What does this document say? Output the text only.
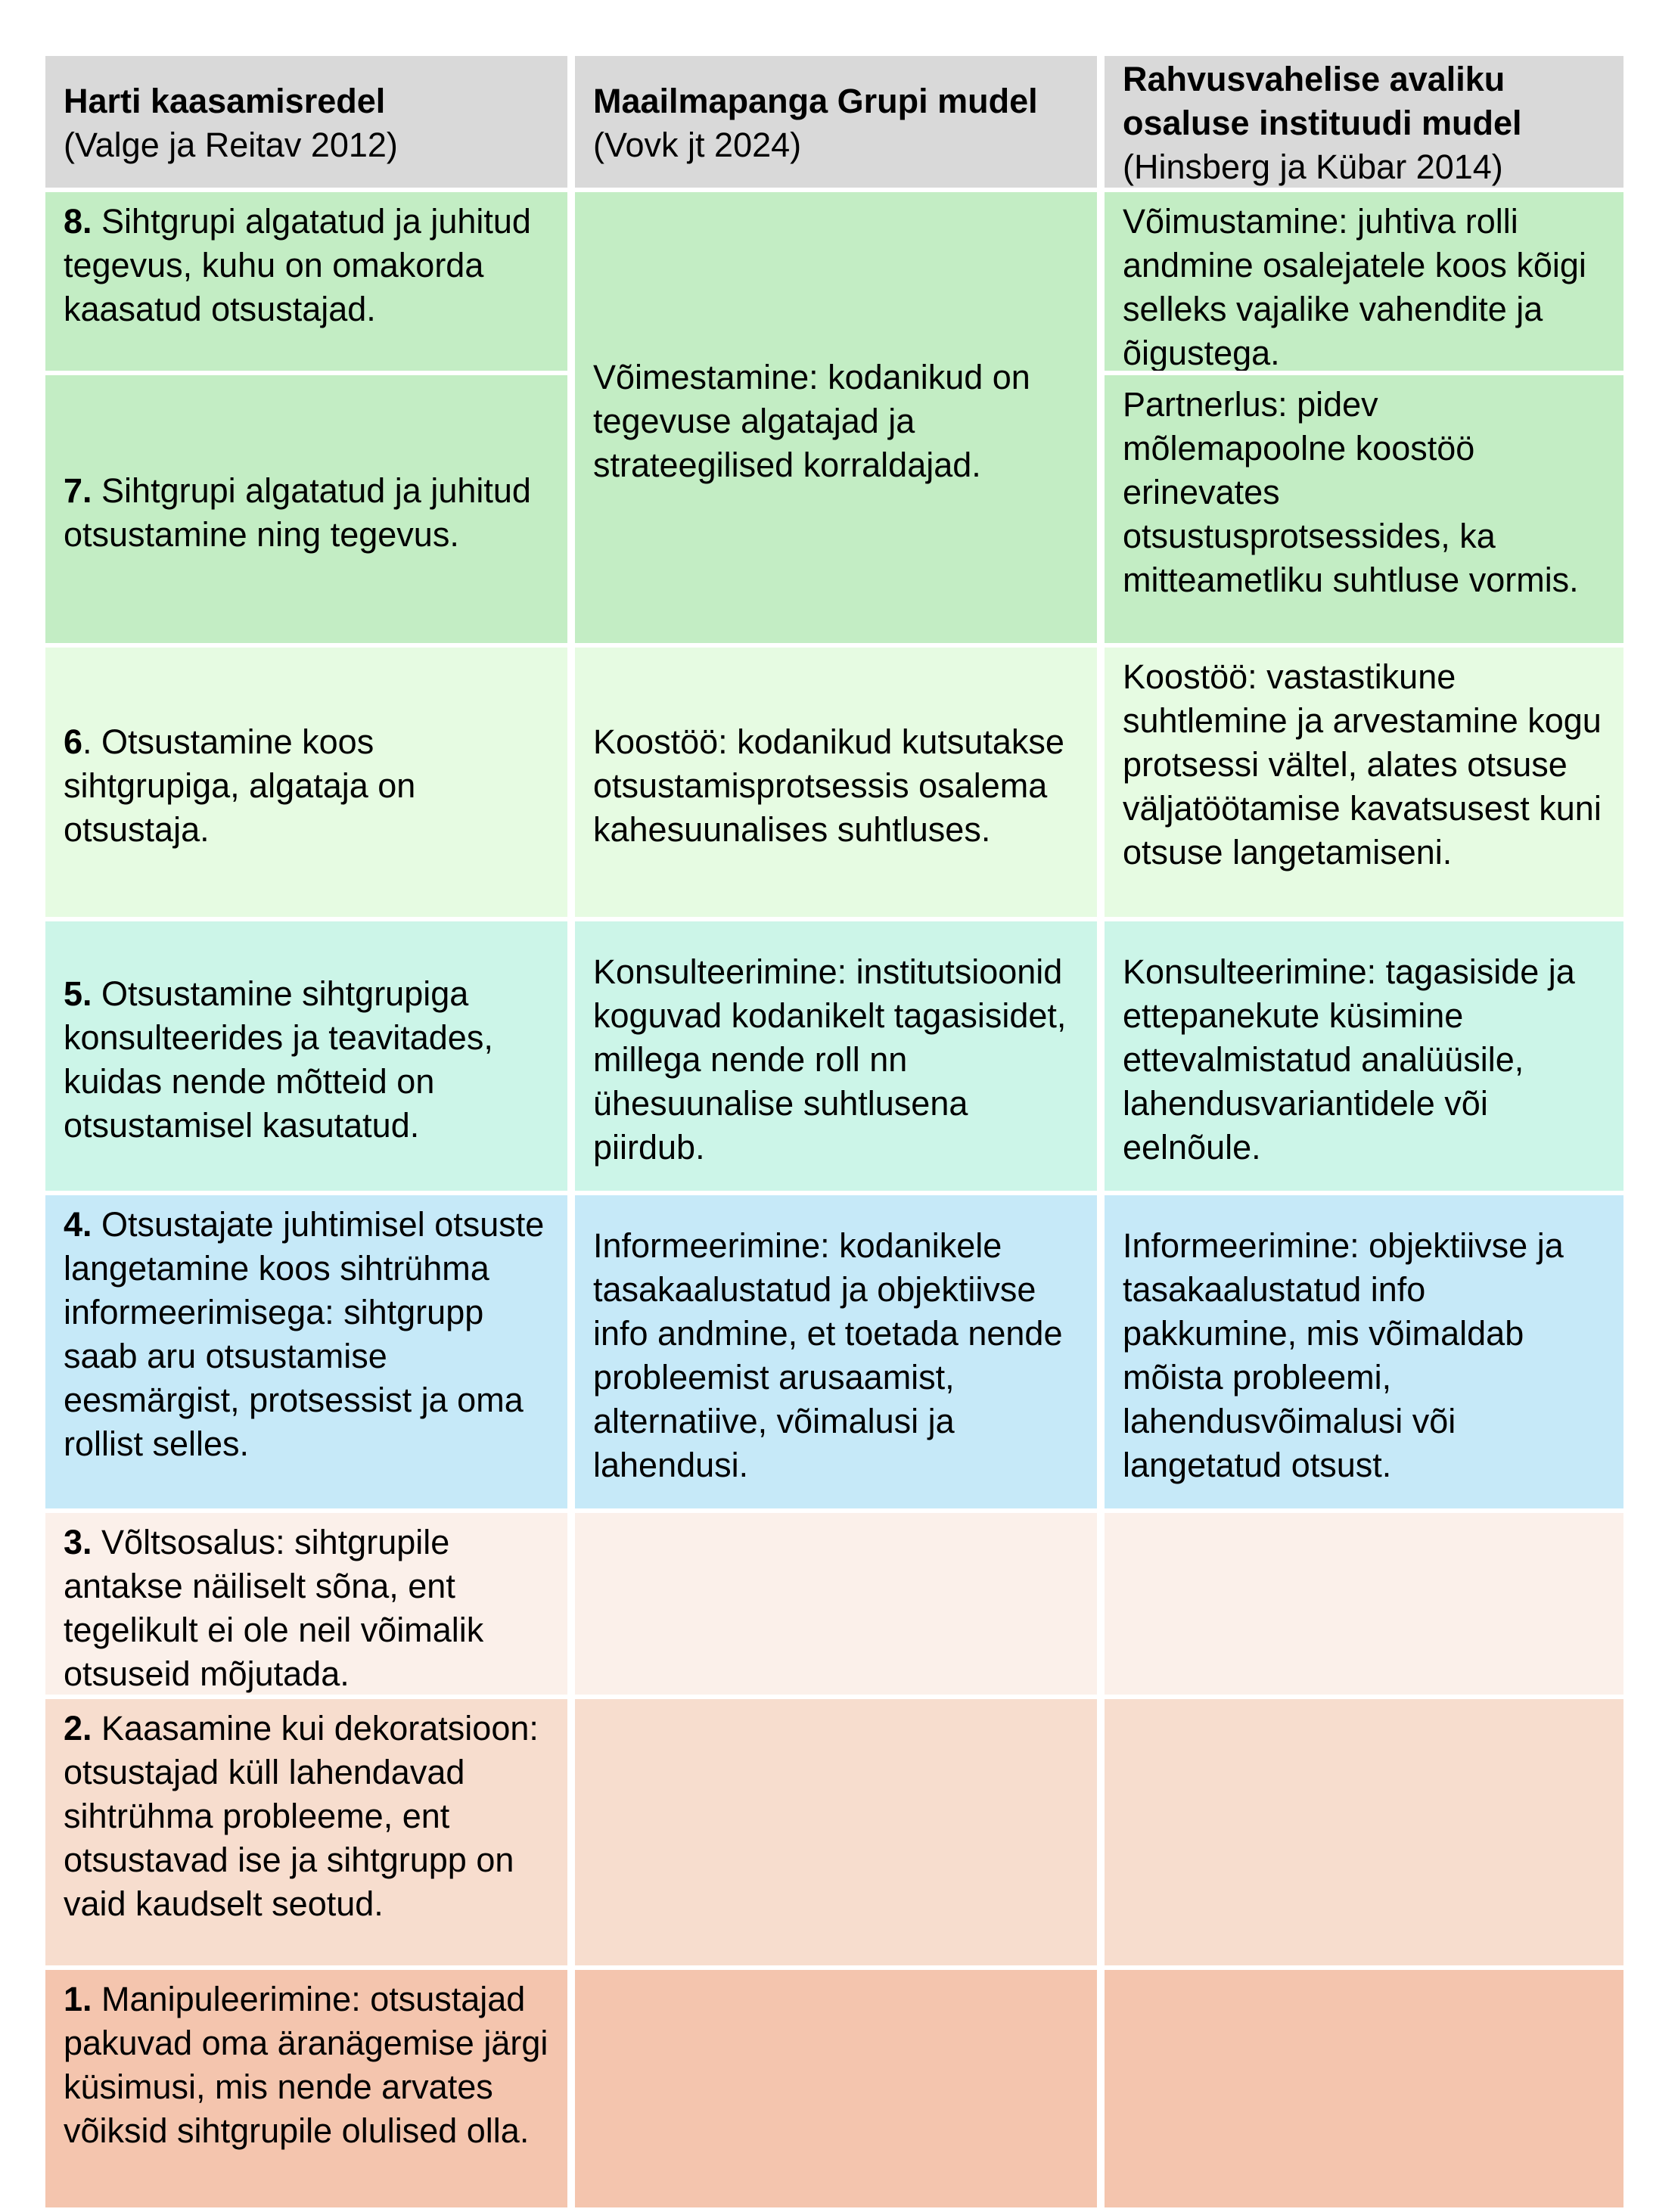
Harti kaasamisredel
(Valge ja Reitav 2012)
Maailmapanga Grupi mudel (Vovk jt 2024)
Rahvusvahelise avaliku osaluse instituudi mudel
(Hinsberg ja Kübar 2014)
8. Sihtgrupi algatatud ja juhitud tegevus, kuhu on omakorda kaasatud otsustajad.
7. Sihtgrupi algatatud ja juhitud otsustamine ning tegevus.
6. Otsustamine koos sihtgrupiga, algataja on otsustaja.
5. Otsustamine sihtgrupiga konsulteerides ja teavitades, kuidas nende mõtteid on otsustamisel kasutatud.
4. Otsustajate juhtimisel otsuste langetamine koos sihtrühma informeerimisega: sihtgrupp saab aru otsustamise eesmärgist, protsessist ja oma rollist selles.
3. Võltsosalus: sihtgrupile antakse näiliselt sõna, ent tegelikult ei ole neil võimalik otsuseid mõjutada.
2. Kaasamine kui dekoratsioon: otsustajad küll lahendavad sihtrühma probleeme, ent otsustavad ise ja sihtgrupp on vaid kaudselt seotud.
1. Manipuleerimine: otsustajad pakuvad oma äranägemise järgi küsimusi, mis nende arvates võiksid sihtgrupile olulised olla.
Võimestamine: kodanikud on tegevuse algatajad ja strateegilised korraldajad.
Koostöö: kodanikud kutsutakse otsustamisprotsessis osalema kahesuunalises suhtluses.
Konsulteerimine: institutsioonid koguvad kodanikelt tagasisidet, millega nende roll nn ühesuunalise suhtlusena piirdub.
Informeerimine: kodanikele tasakaalustatud ja objektiivse info andmine, et toetada nende probleemist arusaamist, alternatiive, võimalusi ja lahendusi.
Võimustamine: juhtiva rolli andmine osalejatele koos kõigi selleks vajalike vahendite ja õigustega.
Partnerlus: pidev mõlemapoolne koostöö erinevates otsustusprotsessides, ka mitteametliku suhtluse vormis.
Koostöö: vastastikune suhtlemine ja arvestamine kogu protsessi vältel, alates otsuse väljatöötamise kavatsusest kuni otsuse langetamiseni.
Konsulteerimine: tagasiside ja ettepanekute küsimine ettevalmistatud analüüsile, lahendusvariantidele või eelnõule.
Informeerimine: objektiivse ja tasakaalustatud info pakkumine, mis võimaldab mõista probleemi, lahendusvõimalusi või langetatud otsust.
